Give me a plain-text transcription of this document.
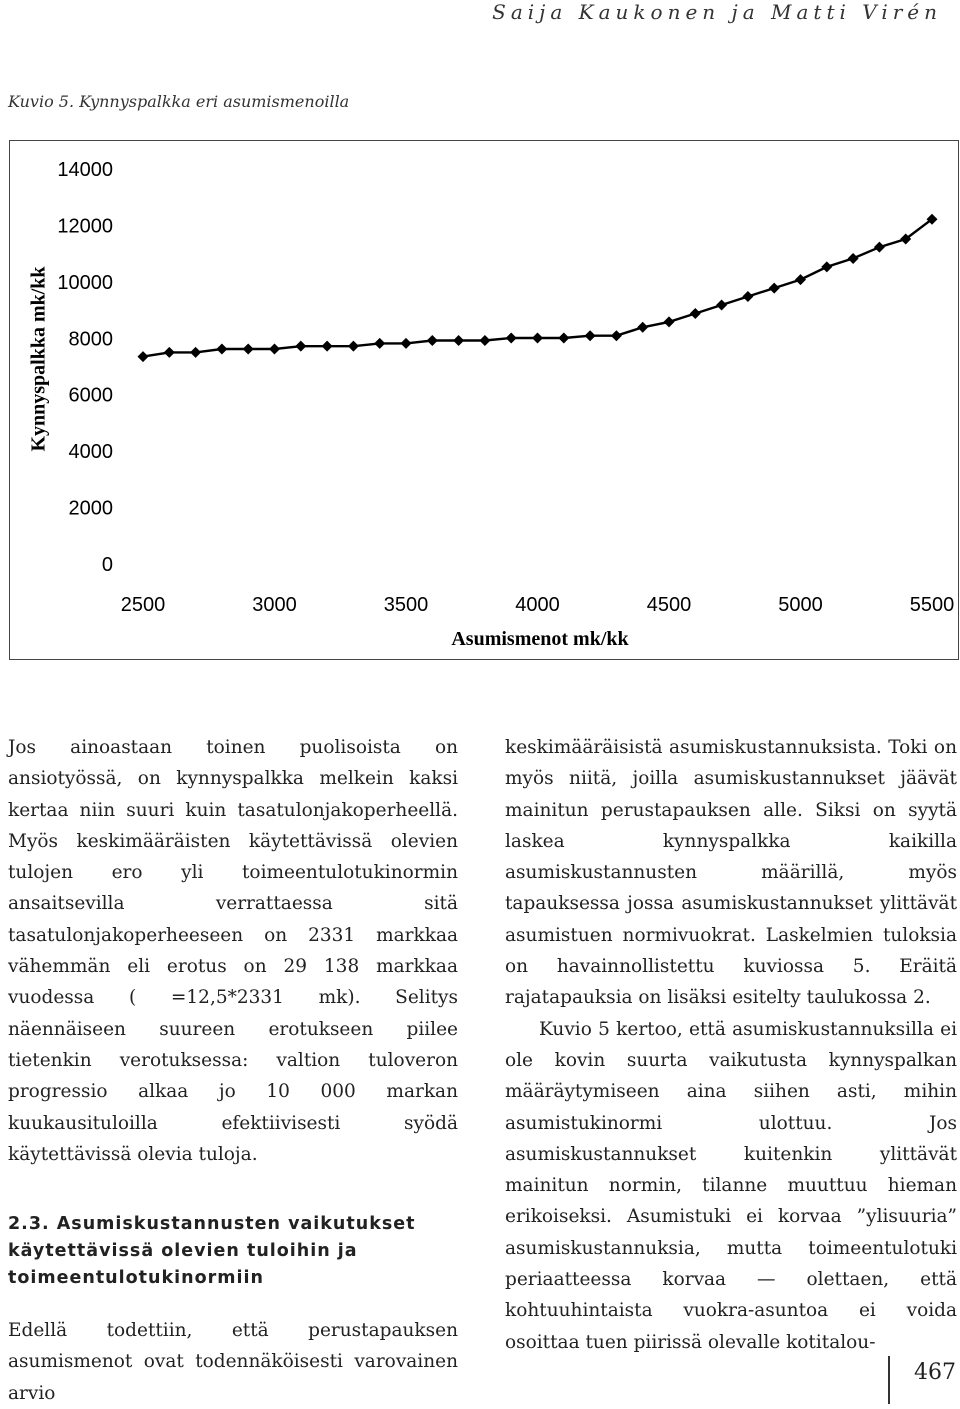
Saija Kaukonen ja Matti Virén
Kuvio 5. Kynnyspalkka eri asumismenoilla
Kynnyspalkka mk/kk
0
2000
4000
6000
8000
10000
12000
14000
2500	3000	3500	4000	4500	5000	5500
Asumismenot mk/kk

Jos ainoastaan toinen puolisoista on ansiotyössä, on kynnyspalkka melkein kaksi kertaa niin suuri kuin tasatulonjakoperheellä. Myös keskimääräisten käytettävissä olevien tulojen ero yli toimeentulotukinormin ansaitsevilla verrattaessa sitä tasatulonjakoperheeseen on 2331 markkaa vähemmän eli erotus on 29 138 markkaa vuodessa ( =12,5*2331 mk). Selitys näennäiseen suureen erotukseen piilee tietenkin verotuksessa: valtion tuloveron progressio alkaa jo 10 000 markan kuukausituloilla efektiivisesti syödä käytettävissä olevia tuloja.

2.3. Asumiskustannusten vaikutukset käytettävissä olevien tuloihin ja toimeentulotukinormiin

Edellä todettiin, että perustapauksen asumismenot ovat todennäköisesti varovainen arvio

keskimääräisistä asumiskustannuksista. Toki on myös niitä, joilla asumiskustannukset jäävät mainitun perustapauksen alle. Siksi on syytä laskea kynnyspalkka kaikilla asumiskustannusten määrillä, myös tapauksessa jossa asumiskustannukset ylittävät asumistuen normivuokrat. Laskelmien tuloksia on havainnollistettu kuviossa 5. Eräitä rajatapauksia on lisäksi esitelty taulukossa 2.

Kuvio 5 kertoo, että asumiskustannuksilla ei ole kovin suurta vaikutusta kynnyspalkan määräytymiseen aina siihen asti, mihin asumistukinormi ulottuu. Jos asumiskustannukset kuitenkin ylittävät mainitun normin, tilanne muuttuu hieman erikoiseksi. Asumistuki ei korvaa ”ylisuuria” asumiskustannuksia, mutta toimeentulotuki periaatteessa korvaa — olettaen, että kohtuuhintaista vuokra-asuntoa ei voida osoittaa tuen piirissä olevalle kotitalou-

467
